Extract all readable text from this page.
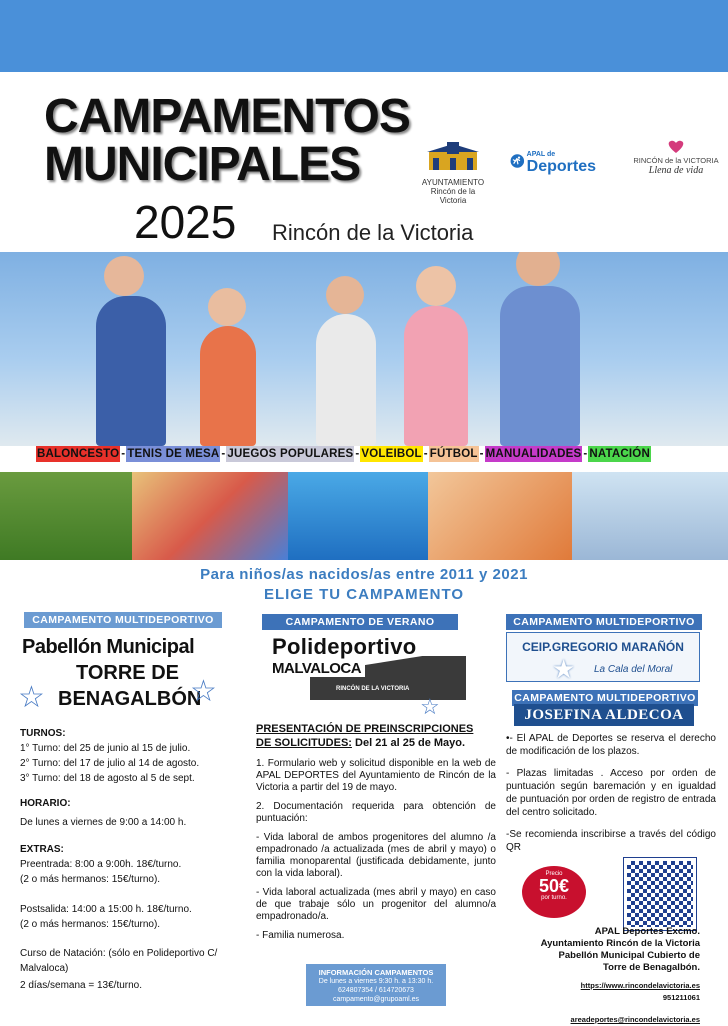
CAMPAMENTOS
MUNICIPALES
2025 Rincón de la Victoria
AYUNTAMIENTO Rincón de la Victoria
APAL de
Deportes	RINCÓN de la VICTORIA
Llena de vida
BALONCESTO - TENIS DE MESA - JUEGOS POPULARES - VOLEIBOL - FÚTBOL - MANUALIDADES - NATACIÓN
Para niños/as nacidos/as entre 2011 y 2021
ELIGE TU CAMPAMENTO
CAMPAMENTO MULTIDEPORTIVO
Pabellón Municipal
TORRE DE
BENAGALBÓN
☆	☆
TURNOS:
1° Turno: del 25 de junio al 15 de julio.
2° Turno: del 17 de julio al 14 de agosto.
3° Turno: del 18 de agosto al 5 de sept.
HORARIO:
De lunes a viernes de 9:00 a 14:00 h.
EXTRAS:
Preentrada: 8:00 a 9:00h. 18€/turno.
(2 o más hermanos: 15€/turno).
Postsalida: 14:00 a 15:00 h. 18€/turno.
(2 o más hermanos: 15€/turno).
Curso de Natación: (sólo en Polideportivo C/ Malvaloca)
2 días/semana = 13€/turno.
CAMPAMENTO DE VERANO
Polideportivo
MALVALOCA
RINCÓN DE LA VICTORIA
☆
PRESENTACIÓN DE PREINSCRIPCIONES DE SOLICITUDES: Del 21 al 25 de Mayo.
1. Formulario web y solicitud disponible en la web de APAL DEPORTES del Ayuntamiento de Rincón de la Victoria a partir del 19 de mayo.
2. Documentación requerida para obtención de puntuación:
- Vida laboral de ambos progenitores del alumno /a empadronado /a actualizada (mes de abril y mayo) o familia monoparental (justificada debidamente, junto con la vida laboral).
- Vida laboral actualizada (mes abril y mayo) en caso de que trabaje sólo un progenitor del alumno/a empadronado/a.
- Familia numerosa.
INFORMACIÓN CAMPAMENTOS
De lunes a viernes 9:30 h. a 13:30 h.
624807354 / 614720673
campamento@grupoaml.es
CAMPAMENTO MULTIDEPORTIVO
CEIP.GREGORIO MARAÑÓN
La Cala del Moral
★
CAMPAMENTO MULTIDEPORTIVO
JOSEFINA ALDECOA
•- El APAL de Deportes se reserva el derecho de modificación de los plazos.
- Plazas limitadas . Acceso por orden de puntuación según baremación y en igualdad de puntuación por orden de registro de entrada del centro solicitado.
-Se recomienda inscribirse a través del código QR
Precio
50€
por turno.
APAL Deportes Excmo.
Ayuntamiento Rincón de la Victoria
Pabellón Municipal Cubierto de
Torre de Benagalbón.
https://www.rincondelavictoria.es
951211061
areadeportes@rincondelavictoria.es
